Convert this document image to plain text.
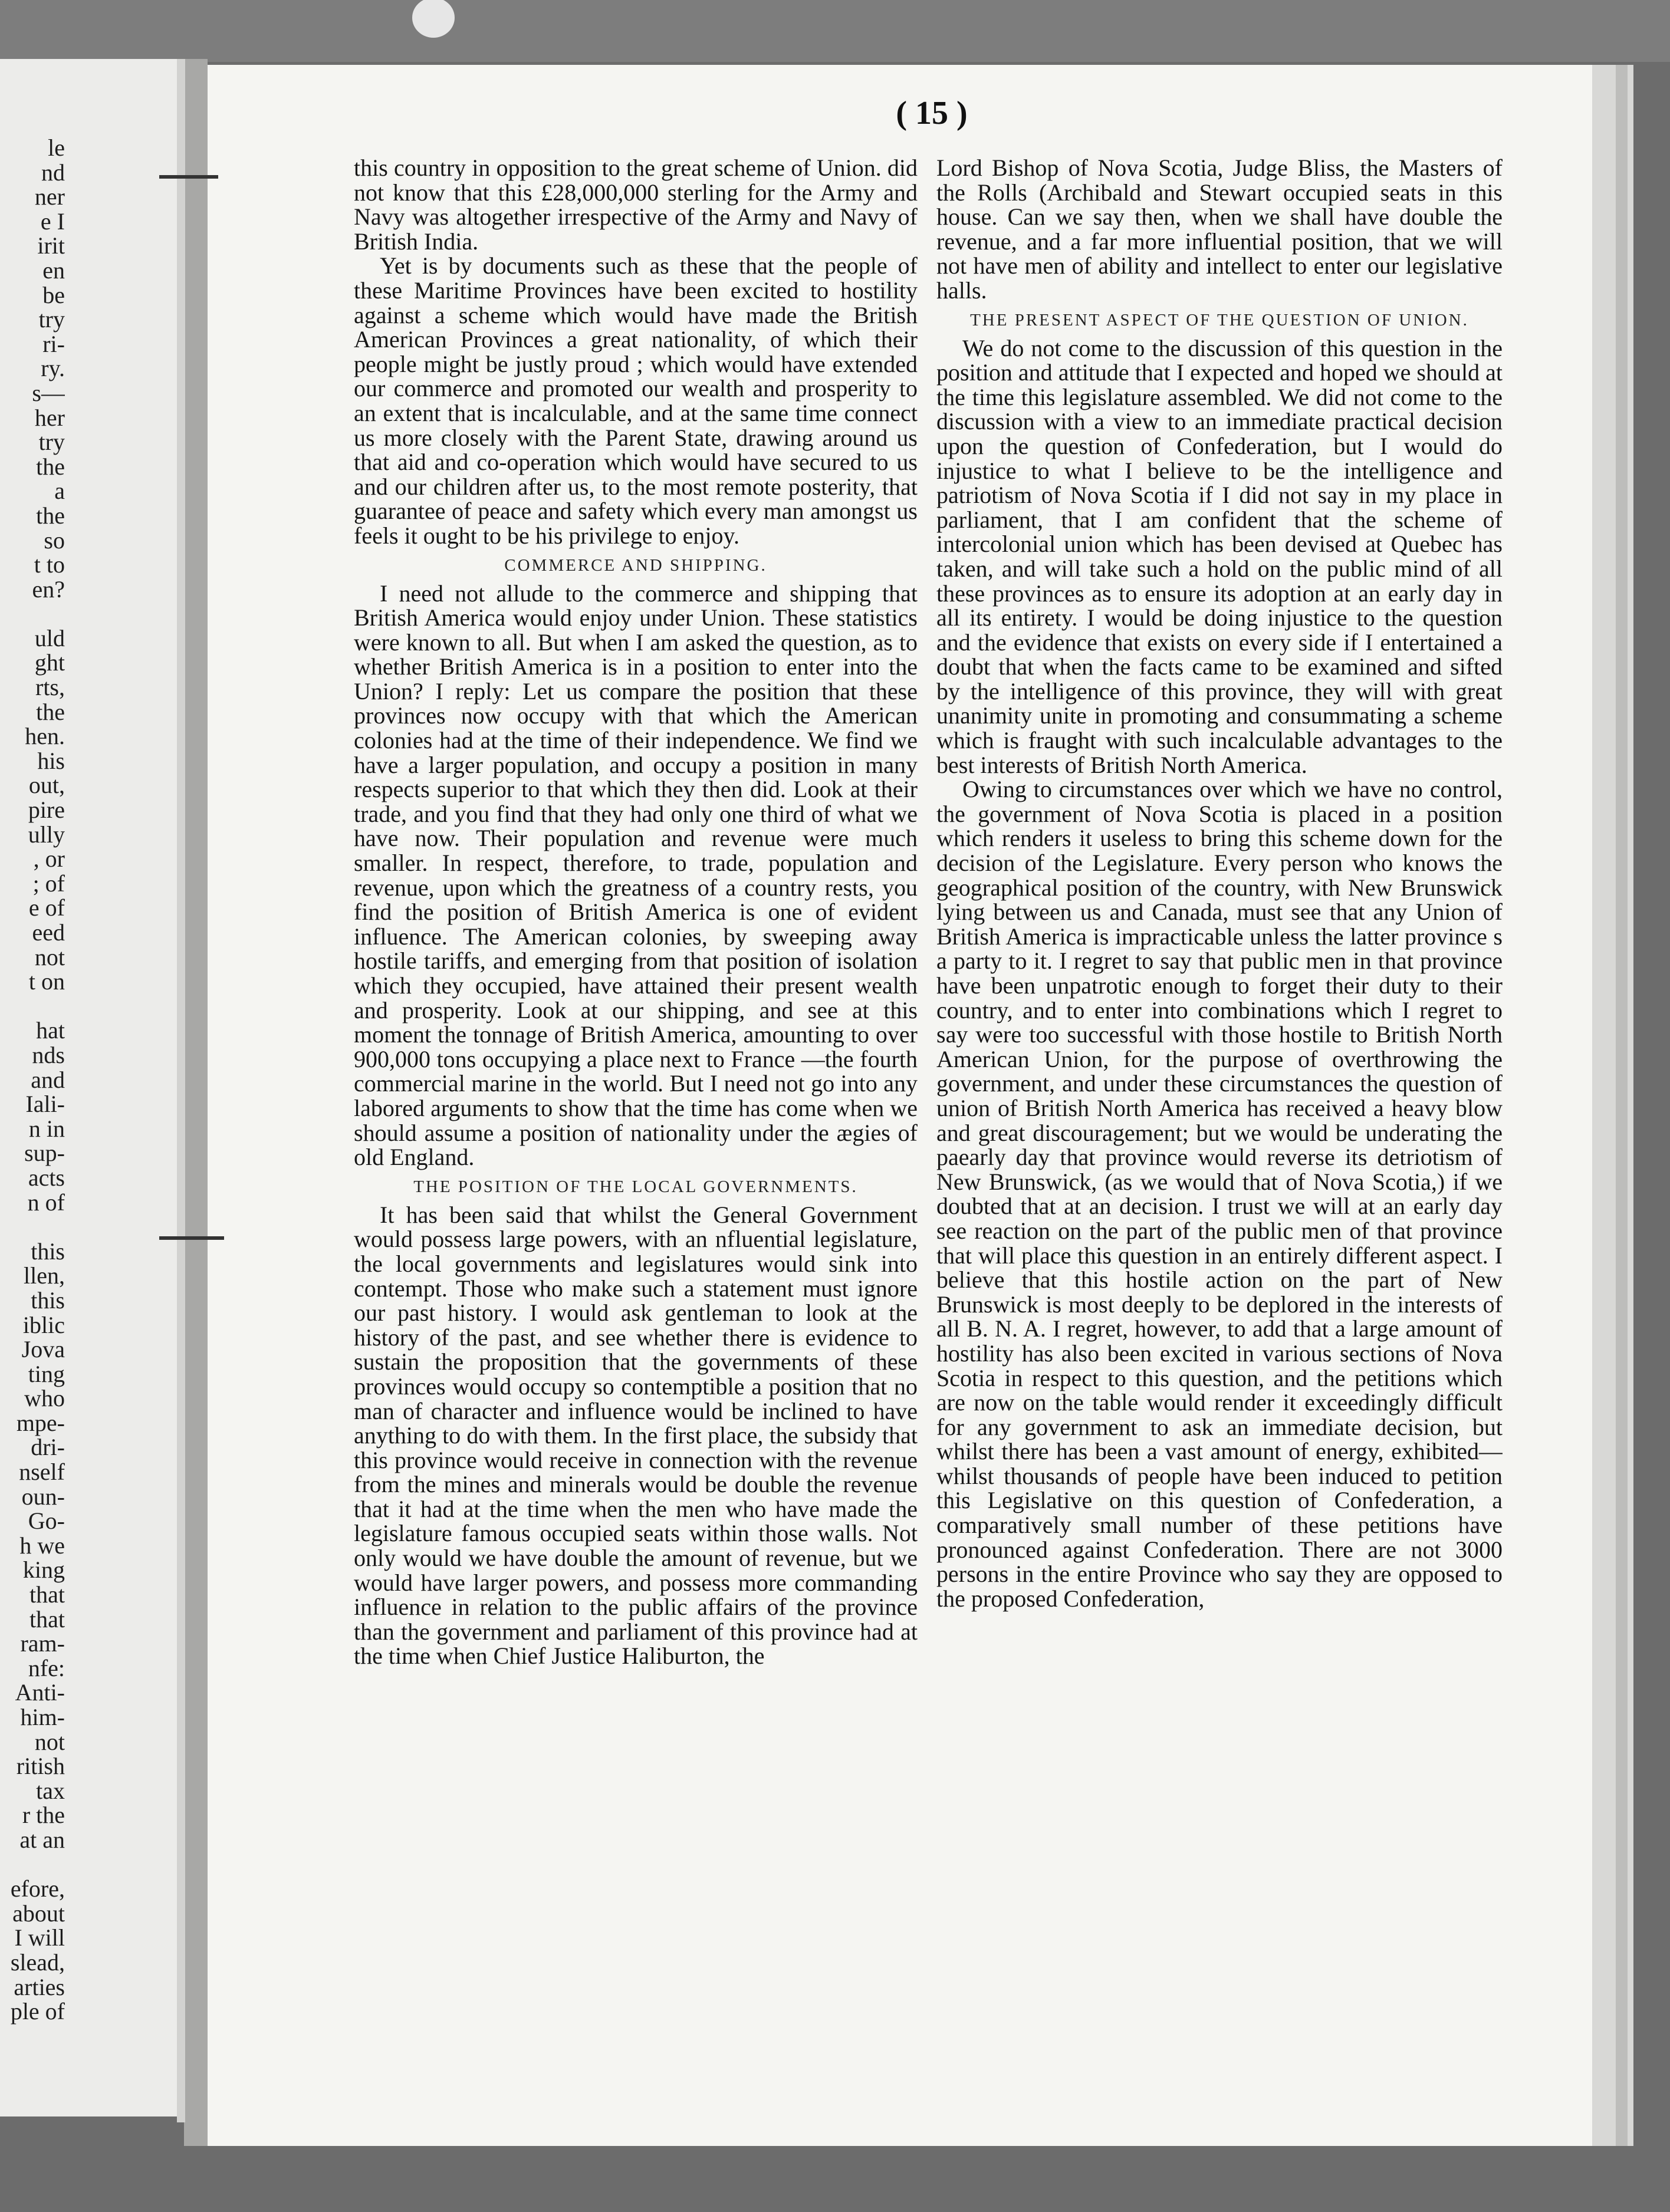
le
nd
ner
e I
irit
en
be
try
ri-
ry.
s—
her
try
the
a
the
so
t to
en?
uld
ght
rts,
the
hen.
his
out,
pire
ully
, or
; of
e of
eed
not
t on
hat
nds
and
Iali-
n in
sup-
acts
n of
this
llen,
this
iblic
Jova
ting
who
mpe-
dri-
nself
oun-
Go-
h we
king
that
that
ram-
nfe:
Anti-
him-
not
ritish
tax
r the
at an
efore,
about
I will
slead,
arties
ple of
( 15 )

this country in opposition to the great scheme of Union. did not know that this £28,000,000 sterling for the Army and Navy was altogether irrespective of the Army and Navy of British India.

Yet is by documents such as these that the people of these Maritime Provinces have been excited to hostility against a scheme which would have made the British American Provinces a great nationality, of which their people might be justly proud ; which would have extended our commerce and promoted our wealth and prosperity to an extent that is incalculable, and at the same time connect us more closely with the Parent State, drawing around us that aid and co-operation which would have secured to us and our children after us, to the most remote posterity, that guarantee of peace and safety which every man amongst us feels it ought to be his privilege to enjoy.

COMMERCE AND SHIPPING.

I need not allude to the commerce and shipping that British America would enjoy under Union. These statistics were known to all. But when I am asked the question, as to whether British America is in a position to enter into the Union? I reply: Let us compare the position that these provinces now occupy with that which the American colonies had at the time of their independence. We find we have a larger population, and occupy a position in many respects superior to that which they then did. Look at their trade, and you find that they had only one third of what we have now. Their population and revenue were much smaller. In respect, therefore, to trade, population and revenue, upon which the greatness of a country rests, you find the position of British America is one of evident influence. The American colonies, by sweeping away hostile tariffs, and emerging from that position of isolation which they occupied, have attained their present wealth and prosperity. Look at our shipping, and see at this moment the tonnage of British America, amounting to over 900,000 tons occupying a place next to France —the fourth commercial marine in the world. But I need not go into any labored arguments to show that the time has come when we should assume a position of nationality under the ægies of old England.

THE POSITION OF THE LOCAL GOVERNMENTS.

It has been said that whilst the General Government would possess large powers, with an nfluential legislature, the local governments and legislatures would sink into contempt. Those who make such a statement must ignore our past history. I would ask gentleman to look at the history of the past, and see whether there is evidence to sustain the proposition that the governments of these provinces would occupy so contemptible a position that no man of character and influence would be inclined to have anything to do with them. In the first place, the subsidy that this province would receive in connection with the revenue from the mines and minerals would be double the revenue that it had at the time when the men who have made the legislature famous occupied seats within those walls. Not only would we have double the amount of revenue, but we would have larger powers, and possess more commanding influence in relation to the public affairs of the province than the government and parliament of this province had at the time when Chief Justice Haliburton, the

Lord Bishop of Nova Scotia, Judge Bliss, the Masters of the Rolls (Archibald and Stewart occupied seats in this house. Can we say then, when we shall have double the revenue, and a far more influential position, that we will not have men of ability and intellect to enter our legislative halls.

THE PRESENT ASPECT OF THE QUESTION OF UNION.

We do not come to the discussion of this question in the position and attitude that I expected and hoped we should at the time this legislature assembled. We did not come to the discussion with a view to an immediate practical decision upon the question of Confederation, but I would do injustice to what I believe to be the intelligence and patriotism of Nova Scotia if I did not say in my place in parliament, that I am confident that the scheme of intercolonial union which has been devised at Quebec has taken, and will take such a hold on the public mind of all these provinces as to ensure its adoption at an early day in all its entirety. I would be doing injustice to the question and the evidence that exists on every side if I entertained a doubt that when the facts came to be examined and sifted by the intelligence of this province, they will with great unanimity unite in promoting and consummating a scheme which is fraught with such incalculable advantages to the best interests of British North America.

Owing to circumstances over which we have no control, the government of Nova Scotia is placed in a position which renders it useless to bring this scheme down for the decision of the Legislature. Every person who knows the geographical position of the country, with New Brunswick lying between us and Canada, must see that any Union of British America is impracticable unless the latter province s a party to it. I regret to say that public men in that province have been unpatrotic enough to forget their duty to their country, and to enter into combinations which I regret to say were too successful with those hostile to British North American Union, for the purpose of overthrowing the government, and under these circumstances the question of union of British North America has received a heavy blow and great discouragement; but we would be underating the paearly day that province would reverse its detriotism of New Brunswick, (as we would that of Nova Scotia,) if we doubted that at an decision. I trust we will at an early day see reaction on the part of the public men of that province that will place this question in an entirely different aspect. I believe that this hostile action on the part of New Brunswick is most deeply to be deplored in the interests of all B. N. A. I regret, however, to add that a large amount of hostility has also been excited in various sections of Nova Scotia in respect to this question, and the petitions which are now on the table would render it exceedingly difficult for any government to ask an immediate decision, but whilst there has been a vast amount of energy, exhibited— whilst thousands of people have been induced to petition this Legislative on this question of Confederation, a comparatively small number of these petitions have pronounced against Confederation. There are not 3000 persons in the entire Province who say they are opposed to the proposed Confederation,
